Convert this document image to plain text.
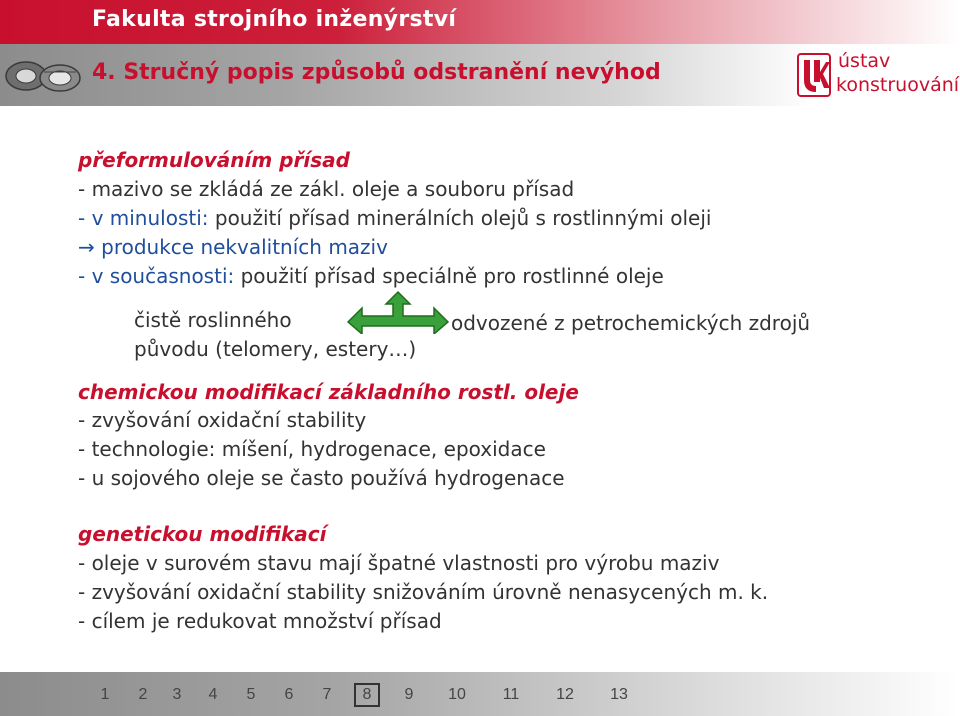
Fakulta strojního inženýrství
4. Stručný popis způsobů odstranění nevýhod	ústav
konstruování
přeformulováním přísad
- mazivo se zkládá ze zákl. oleje a souboru přísad
- v minulosti: použití přísad minerálních olejů s rostlinnými oleji
→ produkce nekvalitních maziv
- v současnosti: použití přísad speciálně pro rostlinné oleje
čistě roslinného
původu (telomery, estery…)
odvozené z petrochemických zdrojů
chemickou modifikací základního rostl. oleje
- zvyšování oxidační stability
- technologie: míšení, hydrogenace, epoxidace
- u sojového oleje se často používá hydrogenace
genetickou modifikací
- oleje v surovém stavu mají špatné vlastnosti pro výrobu maziv
- zvyšování oxidační stability snižováním úrovně nenasycených m. k.
- cílem je redukovat množství přísad
1	2	3	4	5	6	7	8	9	10 11 12 13
